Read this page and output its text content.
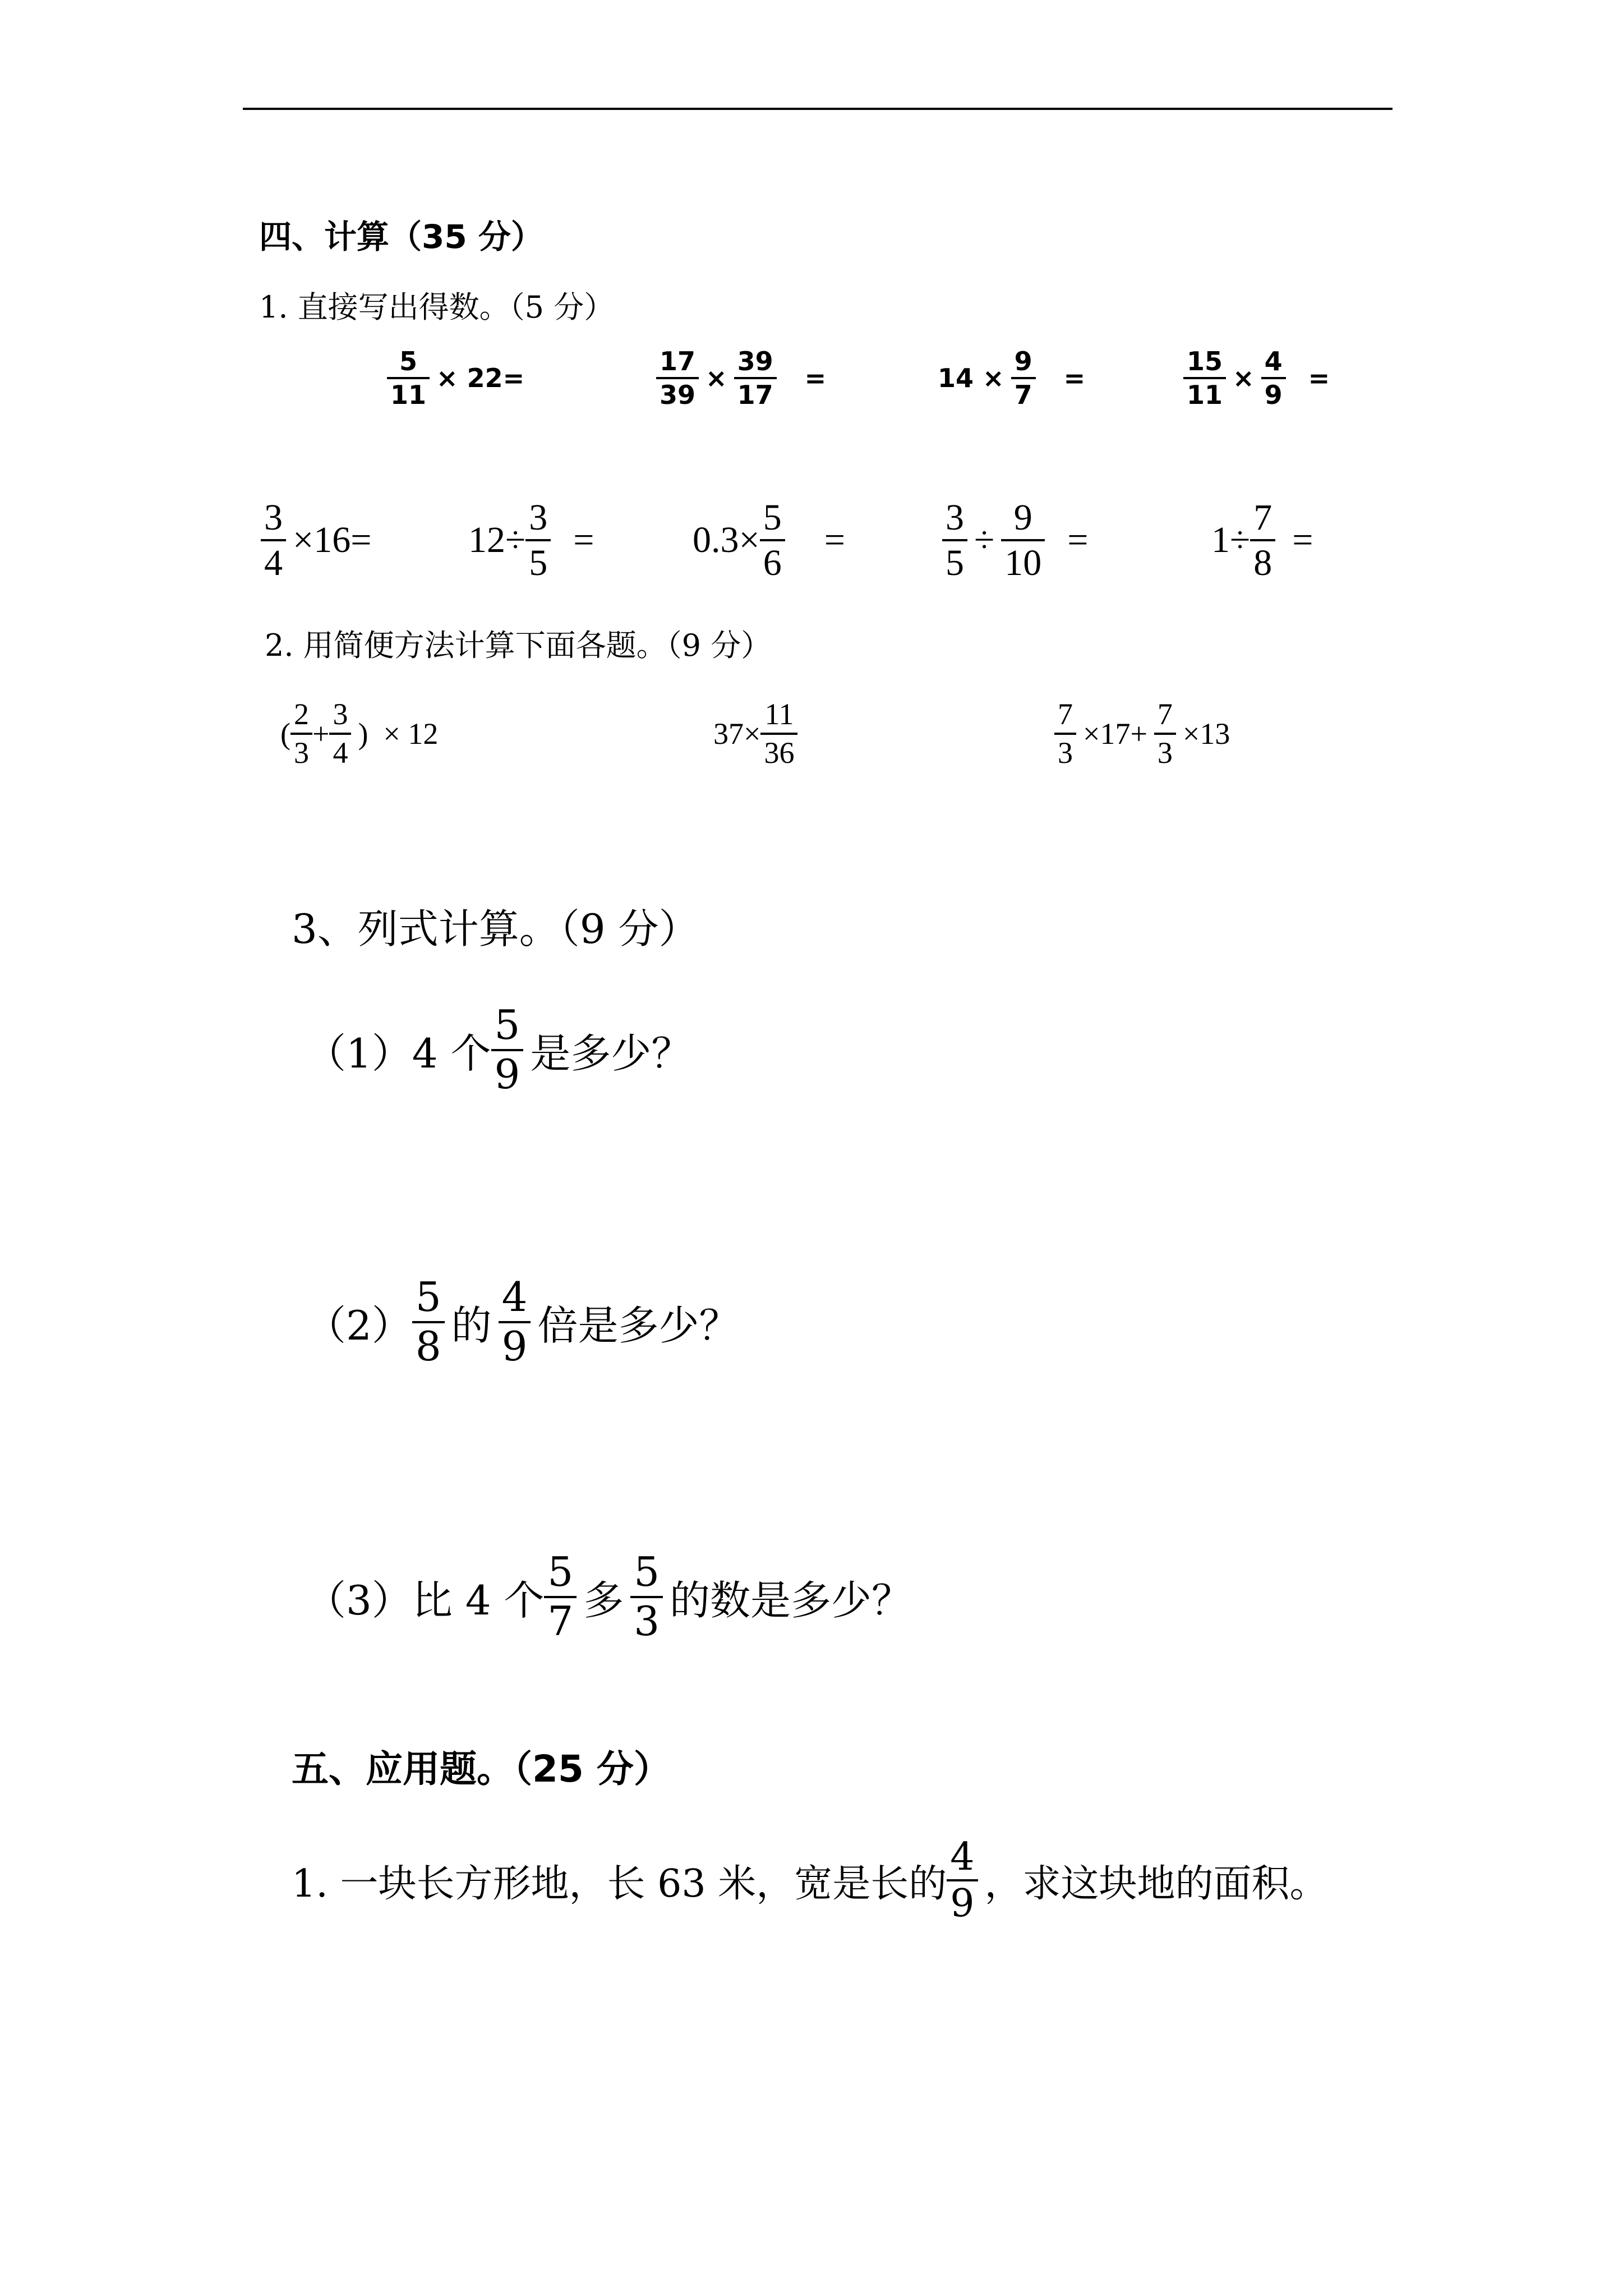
四、计算（35 分）
1. 直接写出得数。（5 分）
$\frac{5}{11} \times 22=$	$\frac{17}{39} \times \frac{39}{17}$ =	$14 \times \frac{9}{7}$ =	$\frac{15}{11} \times \frac{4}{9}$ =
$\frac{3}{4} \times 16=$	$12\div \frac{3}{5}$ =	$0.3\times \frac{5}{6}$ =	$\frac{3}{5} \div \frac{9}{10}$ =	$1\div \frac{7}{8}$ =
2. 用简便方法计算下面各题。（9 分）
( $\frac{2}{3} + \frac{3}{4}$ )  × 12	$37\times \frac{11}{36}$	$\frac{7}{3} \times 17+ \frac{7}{3} \times 13$
3、列式计算。（9 分）
（1）4 个 $\frac{5}{9}$ 是多少？
$(2) \frac{5}{8}$ 的 $\frac{4}{9}$ 倍是多少？
（3）比 4 个 $\frac{5}{7}$ 多 $\frac{5}{3}$ 的数是多少？
五、应用题。（25 分）
1. 一块长方形地，长 63 米，宽是长的 $\frac{4}{9}$ ，求这块地的面积。
